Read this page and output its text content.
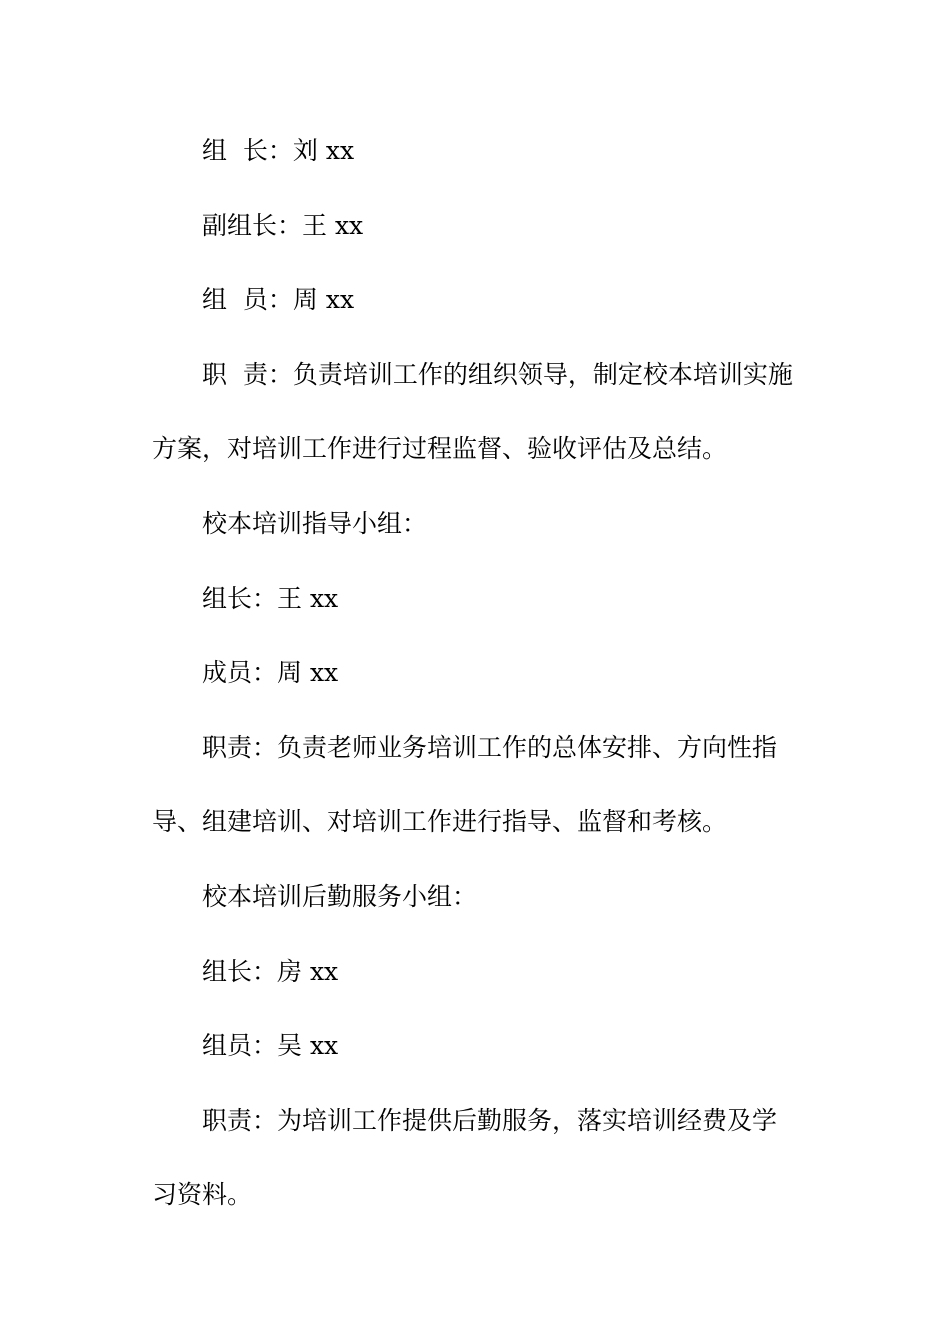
组  长：刘 xx

副组长：王 xx

组  员：周 xx

职  责：负责培训工作的组织领导，制定校本培训实施

方案，对培训工作进行过程监督、验收评估及总结。

校本培训指导小组：

组长：王 xx

成员：周 xx

职责：负责老师业务培训工作的总体安排、方向性指

导、组建培训、对培训工作进行指导、监督和考核。

校本培训后勤服务小组：

组长：房 xx

组员：吴 xx

职责：为培训工作提供后勤服务，落实培训经费及学

习资料。
